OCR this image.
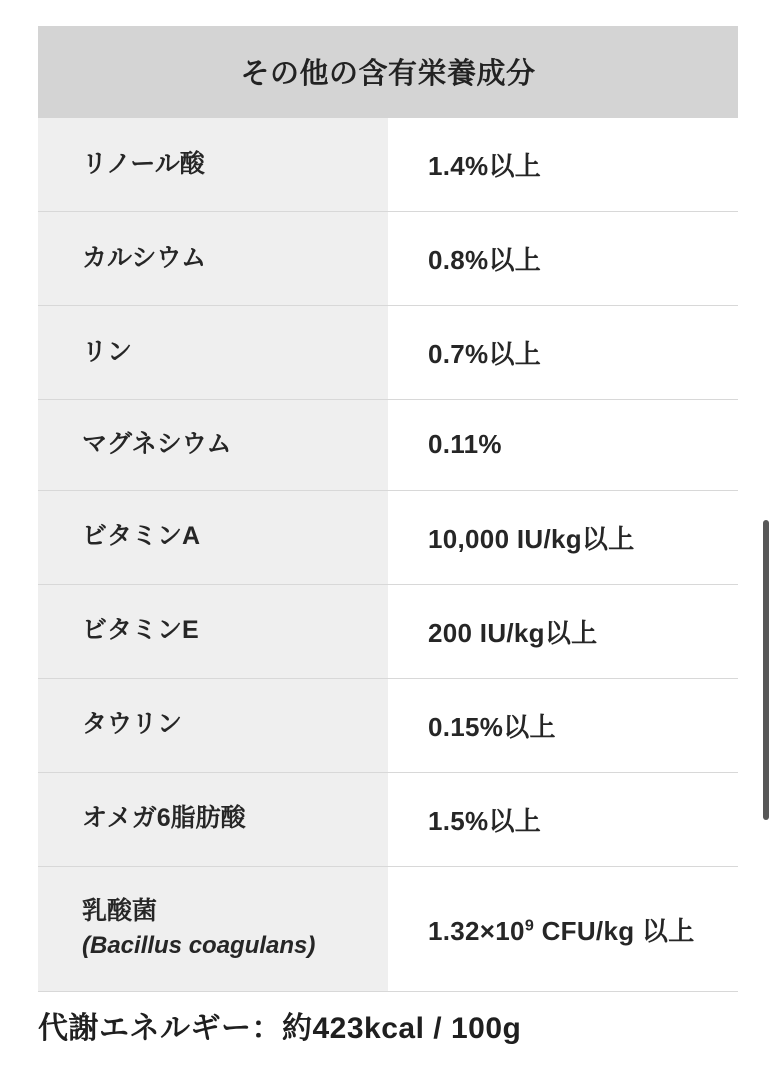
その他の含有栄養成分	
リノール酸	1.4%以上
カルシウム	0.8%以上
リン	0.7%以上
マグネシウム	0.11%
ビタミンA	10,000 IU/kg以上
ビタミンE	200 IU/kg以上
タウリン	0.15%以上
オメガ6脂肪酸	1.5%以上
乳酸菌
(Bacillus coagulans)	$1.32\times 10^9$ CFU/kg 以上
代謝エネルギー：約423kcal / 100g
